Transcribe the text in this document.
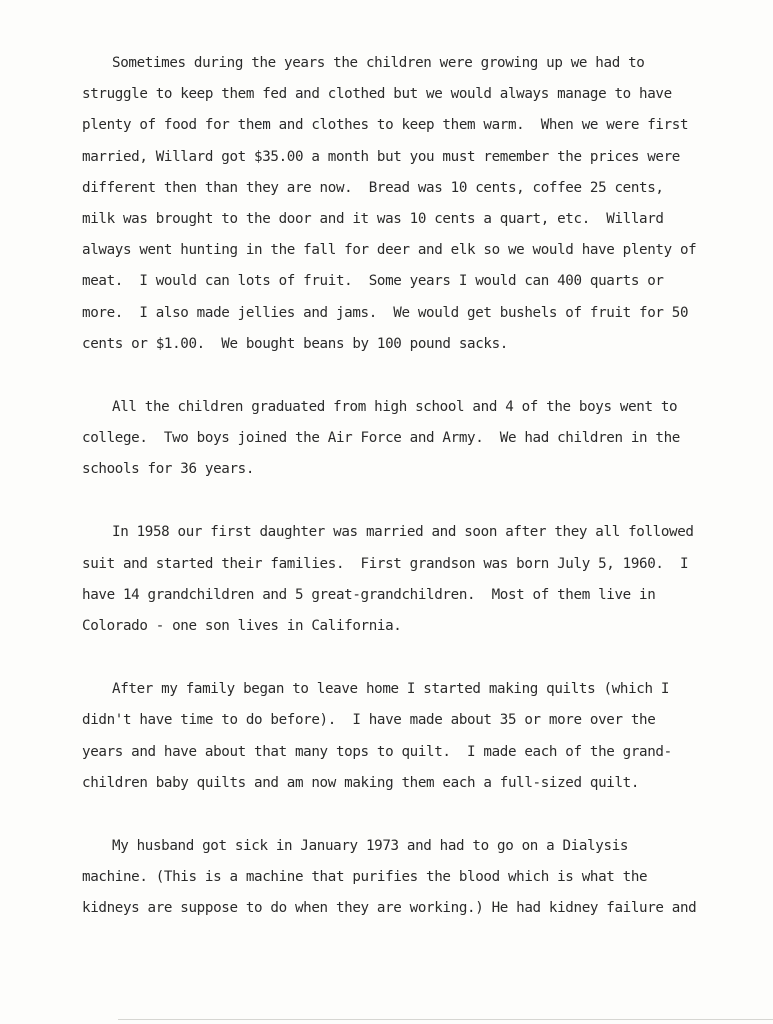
Sometimes during the years the children were growing up we had to
struggle to keep them fed and clothed but we would always manage to have
plenty of food for them and clothes to keep them warm.  When we were first
married, Willard got $35.00 a month but you must remember the prices were
different then than they are now.  Bread was 10 cents, coffee 25 cents,
milk was brought to the door and it was 10 cents a quart, etc.  Willard
always went hunting in the fall for deer and elk so we would have plenty of
meat.  I would can lots of fruit.  Some years I would can 400 quarts or
more.  I also made jellies and jams.  We would get bushels of fruit for 50
cents or $1.00.  We bought beans by 100 pound sacks.
All the children graduated from high school and 4 of the boys went to
college.  Two boys joined the Air Force and Army.  We had children in the
schools for 36 years.
In 1958 our first daughter was married and soon after they all followed
suit and started their families.  First grandson was born July 5, 1960.  I
have 14 grandchildren and 5 great-grandchildren.  Most of them live in
Colorado - one son lives in California.
After my family began to leave home I started making quilts (which I
didn't have time to do before).  I have made about 35 or more over the
years and have about that many tops to quilt.  I made each of the grand-
children baby quilts and am now making them each a full-sized quilt.
My husband got sick in January 1973 and had to go on a Dialysis
machine. (This is a machine that purifies the blood which is what the
kidneys are suppose to do when they are working.) He had kidney failure and
